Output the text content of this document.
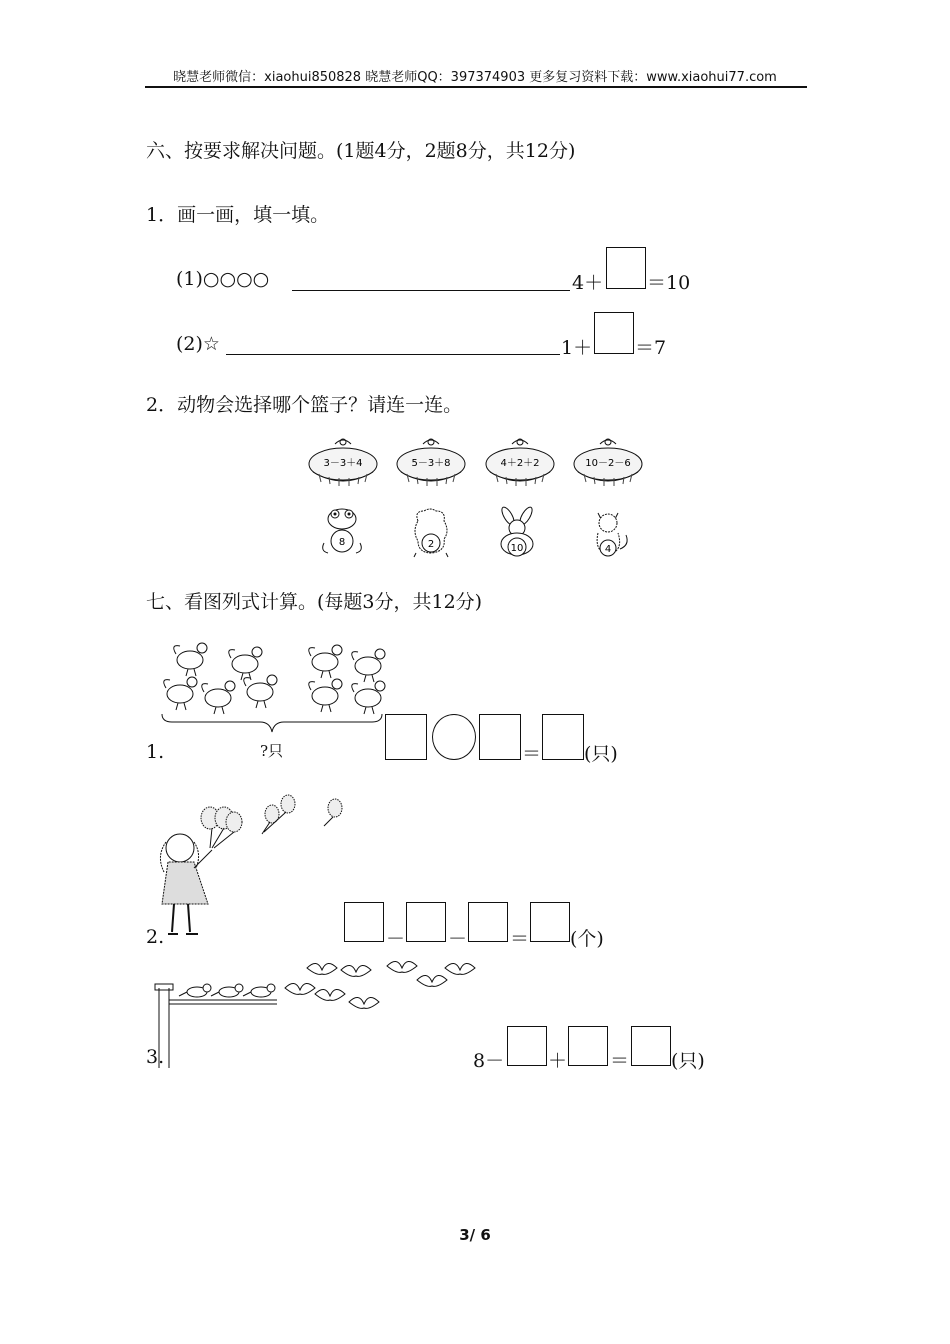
晓慧老师微信：xiaohui850828 晓慧老师QQ：397374903 更多复习资料下载：www.xiaohui77.com
六、按要求解决问题。(1题4分，2题8分，共12分)
1．画一画，填一填。
(1)○○○○	4＋ ＝10
(2)☆	1＋ ＝7
2．动物会选择哪个篮子？请连一连。
3－3＋4	5－3＋8	4＋2＋2	10－2－6
8	2	10	4
七、看图列式计算。(每题3分，共12分)
1.	?只	＝ (只)
2.	－ － ＝ (个)
3.	8－ ＋ ＝ (只)
3/ 6
